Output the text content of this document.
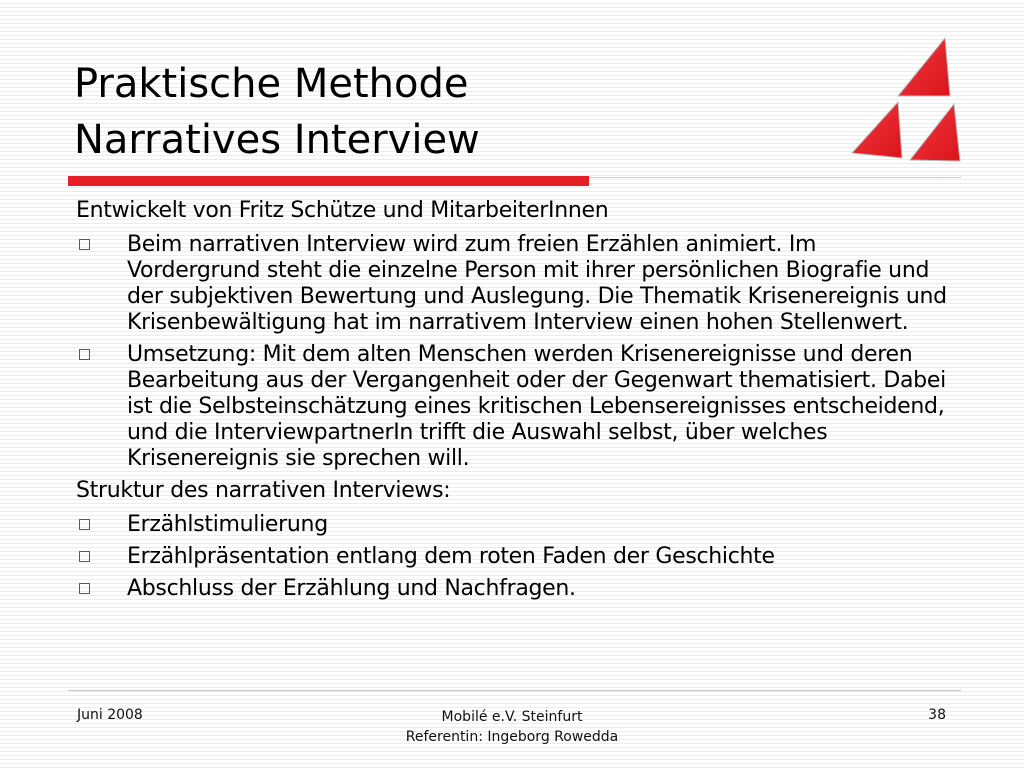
Praktische Methode
Narratives Interview

Entwickelt von Fritz Schütze und MitarbeiterInnen

Beim narrativen Interview wird zum freien Erzählen animiert. Im Vordergrund steht die einzelne Person mit ihrer persönlichen Biografie und der subjektiven Bewertung und Auslegung. Die Thematik Krisenereignis und Krisenbewältigung hat im narrativem Interview einen hohen Stellenwert.
Umsetzung: Mit dem alten Menschen werden Krisenereignisse und deren Bearbeitung aus der Vergangenheit oder der Gegenwart thematisiert. Dabei ist die Selbsteinschätzung eines kritischen Lebensereignisses entscheidend, und die InterviewpartnerIn trifft die Auswahl selbst, über welches Krisenereignis sie sprechen will.

Struktur des narrativen Interviews:

Erzählstimulierung
Erzählpräsentation entlang dem roten Faden der Geschichte
Abschluss der Erzählung und Nachfragen.
Juni 2008	Mobilé e.V. Steinfurt
Referentin: Ingeborg Rowedda
38
